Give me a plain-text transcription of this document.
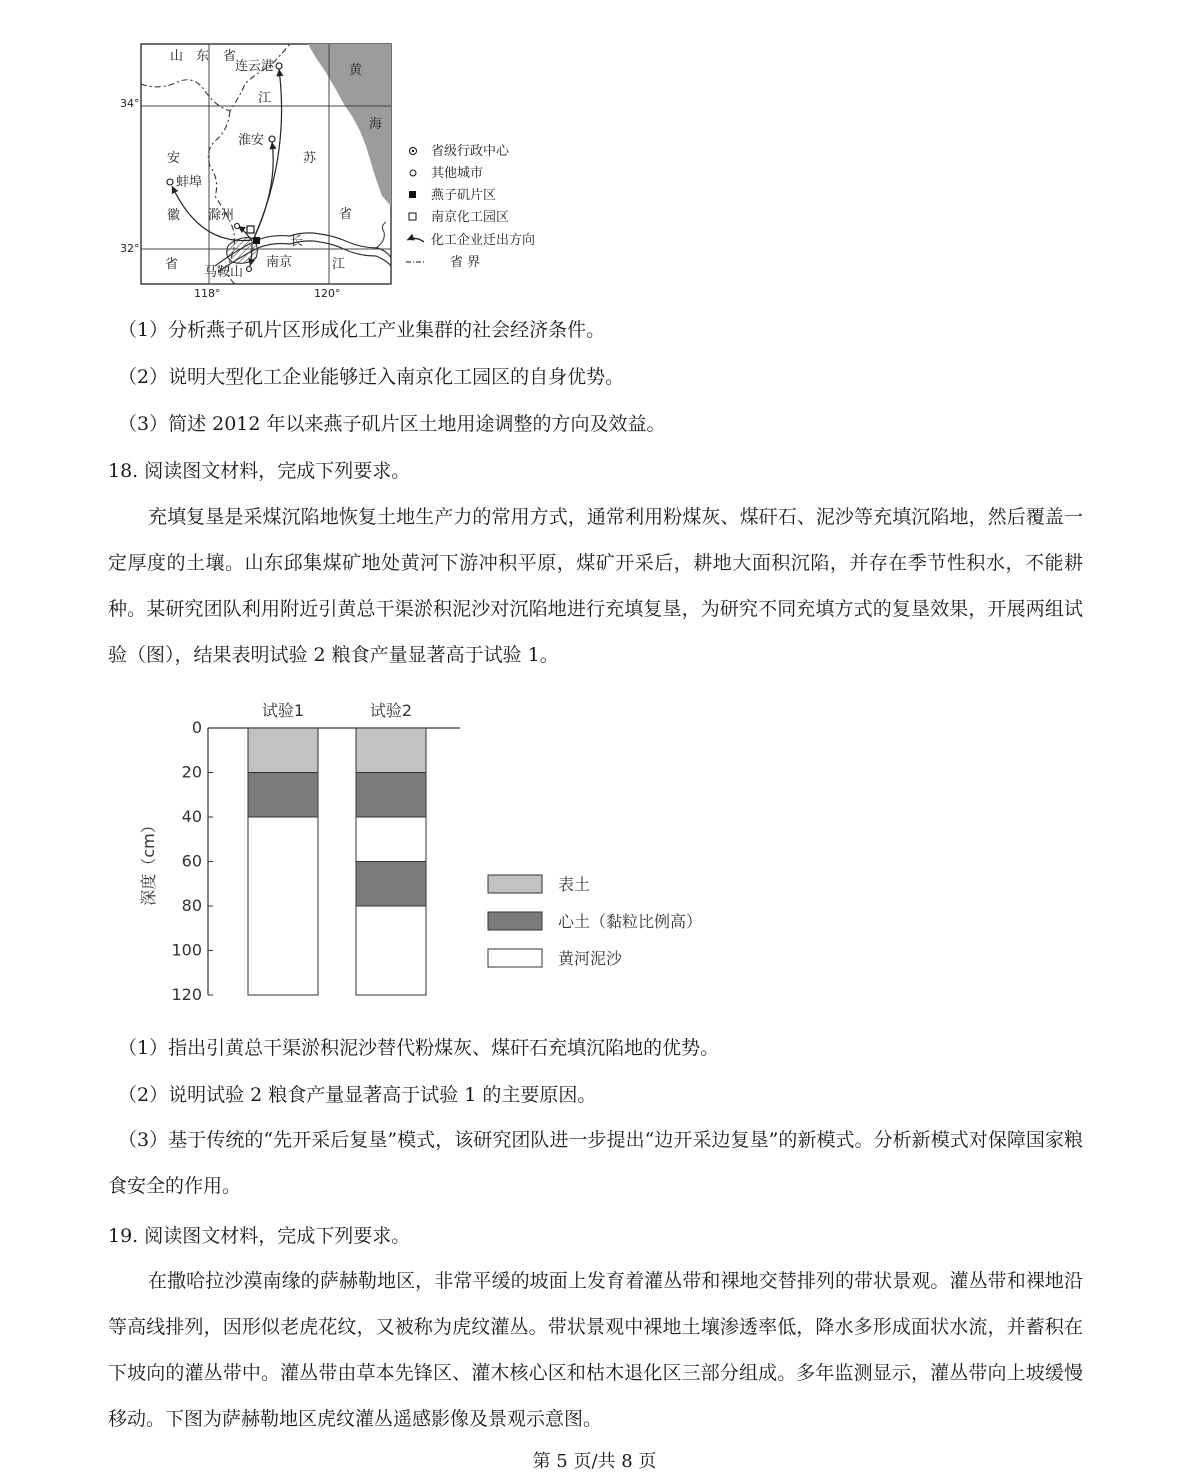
山 东 省
连云港	黄
海
江
淮安
苏
安
蚌埠
徽 滁州	省
长
省
马鞍山
南京	江
34°
32°
118°	120°
省级行政中心
其他城市
燕子矶片区
南京化工园区
化工企业迁出方向
省 界
（1）分析燕子矶片区形成化工产业集群的社会经济条件。
（2）说明大型化工企业能够迁入南京化工园区的自身优势。
（3）简述 2012 年以来燕子矶片区土地用途调整的方向及效益。
18. 阅读图文材料，完成下列要求。
充填复垦是采煤沉陷地恢复土地生产力的常用方式，通常利用粉煤灰、煤矸石、泥沙等充填沉陷地，然后覆盖一定厚度的土壤。山东邱集煤矿地处黄河下游冲积平原，煤矿开采后，耕地大面积沉陷，并存在季节性积水，不能耕种。某研究团队利用附近引黄总干渠淤积泥沙对沉陷地进行充填复垦，为研究不同充填方式的复垦效果，开展两组试验（图），结果表明试验 2 粮食产量显著高于试验 1。
0
20
40
60
80
100
120
深度（cm）
试验1	试验2
表土
心土（黏粒比例高）
黄河泥沙
（1）指出引黄总干渠淤积泥沙替代粉煤灰、煤矸石充填沉陷地的优势。
（2）说明试验 2 粮食产量显著高于试验 1 的主要原因。
（3）基于传统的“先开采后复垦”模式，该研究团队进一步提出“边开采边复垦”的新模式。分析新模式对保障国家粮食安全的作用。
19. 阅读图文材料，完成下列要求。
在撒哈拉沙漠南缘的萨赫勒地区，非常平缓的坡面上发育着灌丛带和裸地交替排列的带状景观。灌丛带和裸地沿等高线排列，因形似老虎花纹，又被称为虎纹灌丛。带状景观中裸地土壤渗透率低，降水多形成面状水流，并蓄积在下坡向的灌丛带中。灌丛带由草本先锋区、灌木核心区和枯木退化区三部分组成。多年监测显示，灌丛带向上坡缓慢移动。下图为萨赫勒地区虎纹灌丛遥感影像及景观示意图。
第 5 页/共 8 页
